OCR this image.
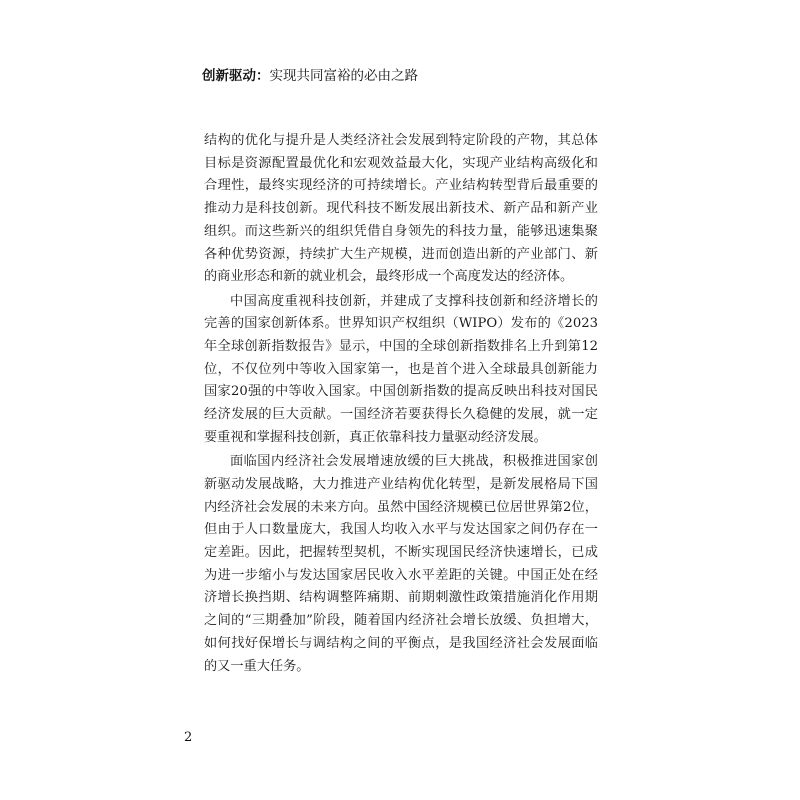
创新驱动：实现共同富裕的必由之路

结构的优化与提升是人类经济社会发展到特定阶段的产物，其总体目标是资源配置最优化和宏观效益最大化，实现产业结构高级化和合理性，最终实现经济的可持续增长。产业结构转型背后最重要的推动力是科技创新。现代科技不断发展出新技术、新产品和新产业组织。而这些新兴的组织凭借自身领先的科技力量，能够迅速集聚各种优势资源，持续扩大生产规模，进而创造出新的产业部门、新的商业形态和新的就业机会，最终形成一个高度发达的经济体。

中国高度重视科技创新，并建成了支撑科技创新和经济增长的完善的国家创新体系。世界知识产权组织（WIPO）发布的《2023年全球创新指数报告》显示，中国的全球创新指数排名上升到第12位，不仅位列中等收入国家第一，也是首个进入全球最具创新能力国家20强的中等收入国家。中国创新指数的提高反映出科技对国民经济发展的巨大贡献。一国经济若要获得长久稳健的发展，就一定要重视和掌握科技创新，真正依靠科技力量驱动经济发展。

面临国内经济社会发展增速放缓的巨大挑战，积极推进国家创新驱动发展战略，大力推进产业结构优化转型，是新发展格局下国内经济社会发展的未来方向。虽然中国经济规模已位居世界第2位，但由于人口数量庞大，我国人均收入水平与发达国家之间仍存在一定差距。因此，把握转型契机，不断实现国民经济快速增长，已成为进一步缩小与发达国家居民收入水平差距的关键。中国正处在经济增长换挡期、结构调整阵痛期、前期刺激性政策措施消化作用期之间的“三期叠加”阶段，随着国内经济社会增长放缓、负担增大，如何找好保增长与调结构之间的平衡点，是我国经济社会发展面临的又一重大任务。

2
